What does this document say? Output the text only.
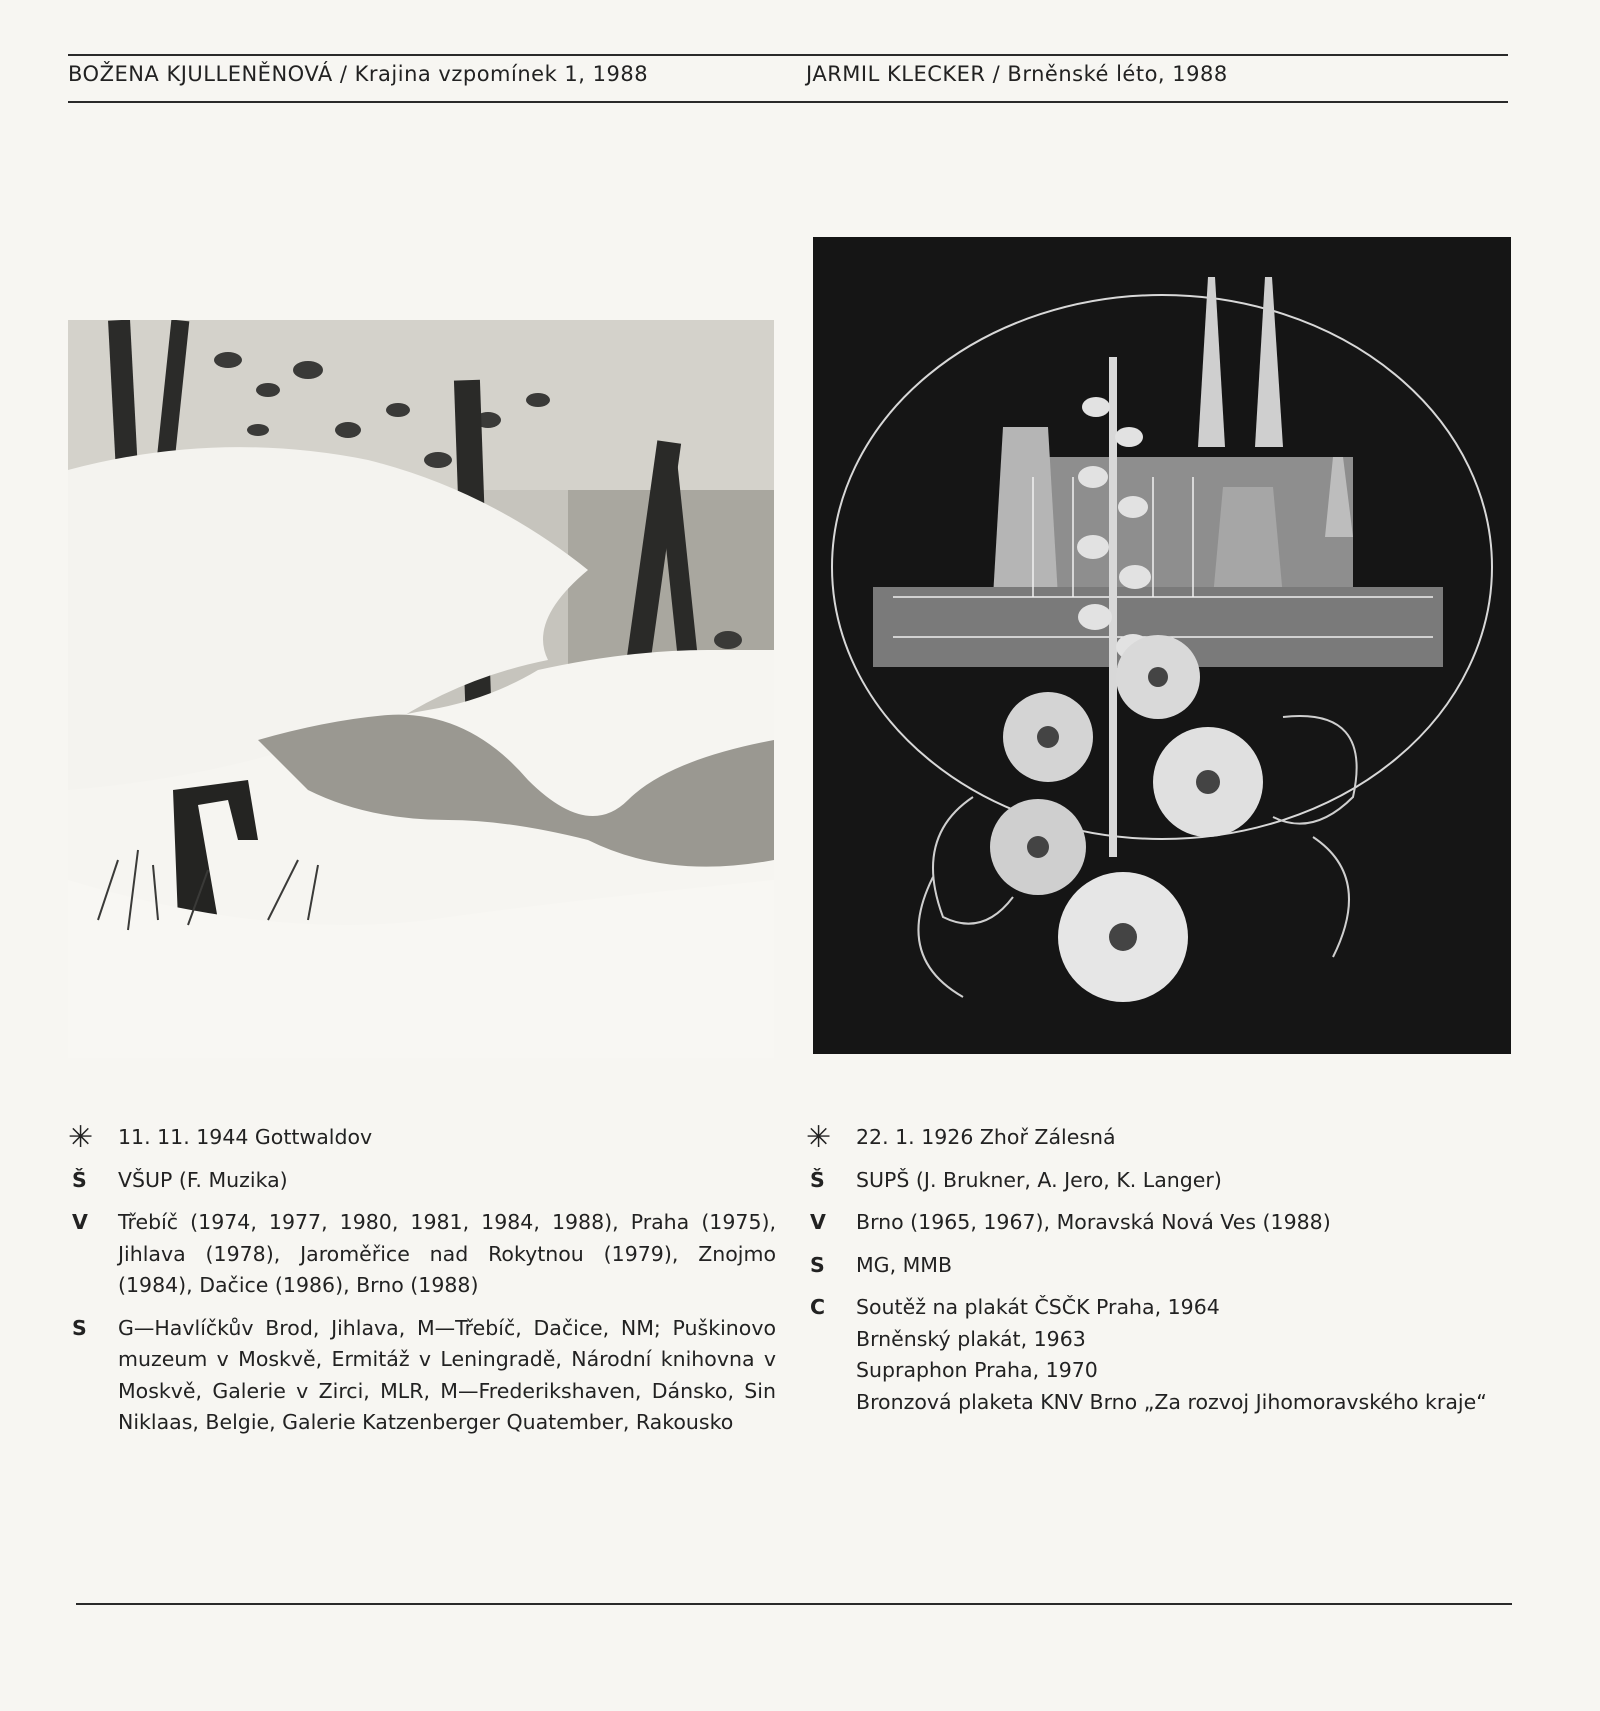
BOŽENA KJULLENĚNOVÁ / Krajina vzpomínek 1, 1988	JARMIL KLECKER / Brněnské léto, 1988
✳ 11. 11. 1944 Gottwaldov
Š	VŠUP (F. Muzika)
V	Třebíč (1974, 1977, 1980, 1981, 1984, 1988), Praha (1975), Jihlava (1978), Jaroměřice nad Rokytnou (1979), Znojmo (1984), Dačice (1986), Brno (1988)
S	G—Havlíčkův Brod, Jihlava, M—Třebíč, Dačice, NM; Puškinovo muzeum v Moskvě, Ermitáž v Leningradě, Národní knihovna v Moskvě, Galerie v Zirci, MLR, M—Frederikshaven, Dánsko, Sin Niklaas, Belgie, Galerie Katzenberger Quatember, Rakousko
✳ 22. 1. 1926 Zhoř Zálesná
Š	SUPŠ (J. Brukner, A. Jero, K. Langer)
V	Brno (1965, 1967), Moravská Nová Ves (1988)
S	MG, MMB
C	Soutěž na plakát ČSČK Praha, 1964
Brněnský plakát, 1963
Supraphon Praha, 1970
Bronzová plaketa KNV Brno „Za rozvoj Jihomoravského kraje“
